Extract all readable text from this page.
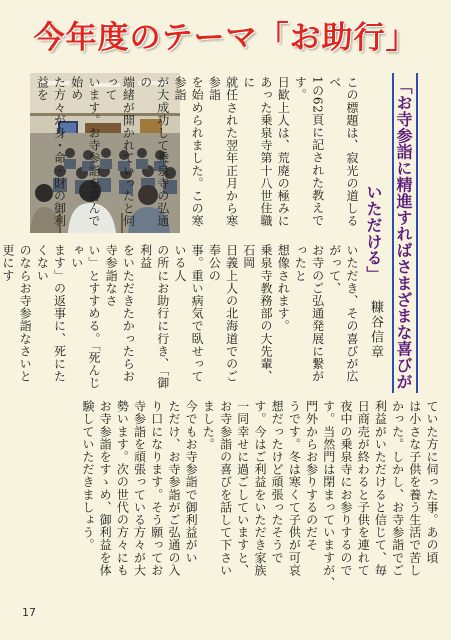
今年度のテーマ「お助行」
この標題は、寂光の道しるべ
1の62頁に記された教えです。
日歓上人は、荒廃の極みに
あった乗泉寺第十八世住職に
就任された翌年正月から寒参詣
を始められました。この寒参詣
が大成功して乗泉寺の弘通の
端緒が開かれていったと伺って
います。お寺参詣を喜んで始め
た方々が身・命・財の御利益を	「お寺参詣に精進すればさまざまな喜びがいただける」
糠谷信章
いただき、その喜びが広がって、
お寺のご弘通発展に繋がったと
想像されます。
乗泉寺教務部の大先輩、石岡
日義上人の北海道でのご奉公の
事。重い病気で臥せっている人
の所にお助行に行き、「御利益
をいただきたかったらお寺参詣なさ
い」とすすめる。「死んじゃい
ます」の返事に、死にたくない
のならお寺参詣なさいと更にす

ていた方に伺った事。あの頃
は小さな子供を養う生活で苦し
かった。しかし、お寺参詣でご
利益がいただけると信じて、毎
日商売が終わると子供を連れて
夜中の乗泉寺にお参りするので
す。当然門は閉まっていますが、
門外からお参りするのだそ
うです。冬は寒くて子供が可哀
想だったけど頑張ったそうで
す。今はご利益をいただき家族
一同幸せに過ごしていますと、
お寺参詣の喜びを話して下さい
ました。
今でもお寺参詣で御利益がい
ただけ、お寺参詣がご弘通の入
り口になります。そう願ってお
寺参詣を頑張っている方々が大
勢います。次の世代の方々にも
お寺参詣をすゝめ、御利益を体
験していただきましょう。
17
